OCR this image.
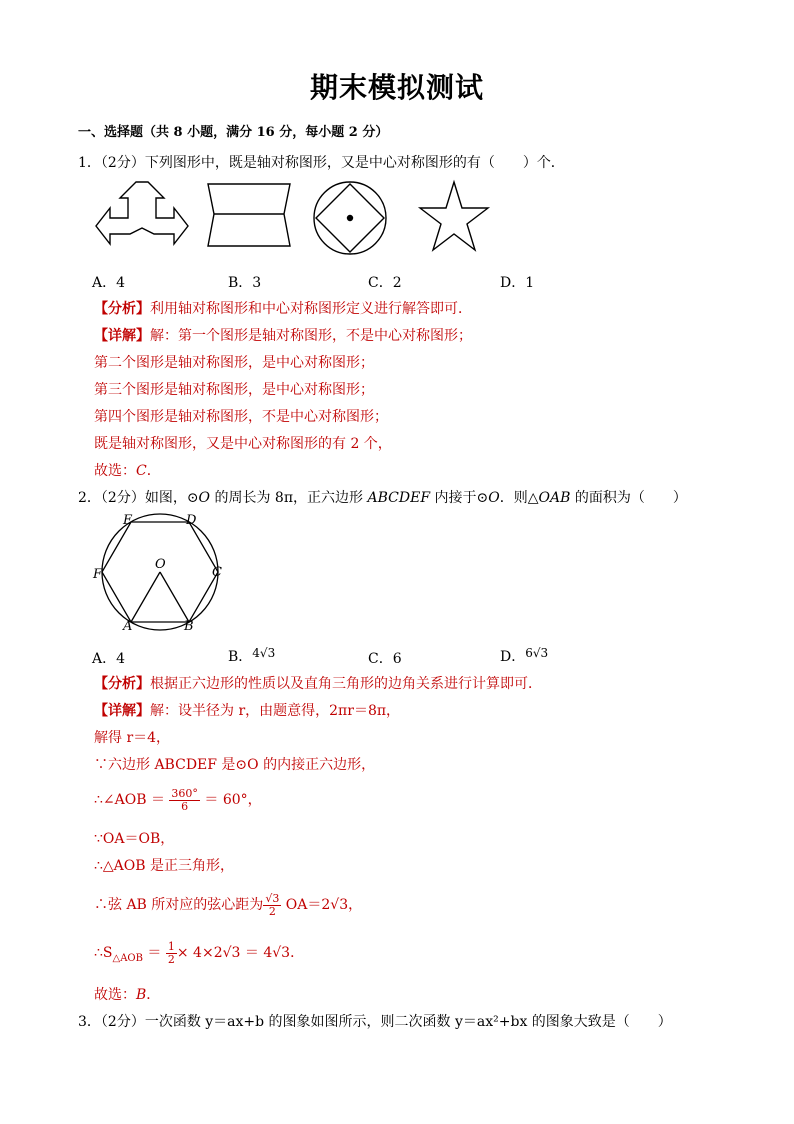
期末模拟测试
一、选择题（共 8 小题，满分 16 分，每小题 2 分）
1．（2分）下列图形中，既是轴对称图形，又是中心对称图形的有（　　）个．
A．4	B．3	C．2	D．1
【分析】利用轴对称图形和中心对称图形定义进行解答即可．
【详解】解：第一个图形是轴对称图形，不是中心对称图形；
第二个图形是轴对称图形，是中心对称图形；
第三个图形是轴对称图形，是中心对称图形；
第四个图形是轴对称图形，不是中心对称图形；
既是轴对称图形，又是中心对称图形的有 2 个，
故选：C．
2．（2分）如图，⊙O 的周长为 8π，正六边形 ABCDEF 内接于⊙O．则△OAB 的面积为（　　）
E	D
F	C
O
A	B
A．4	B．4√3	C．6	D．6√3
【分析】根据正六边形的性质以及直角三角形的边角关系进行计算即可．
【详解】解：设半径为 r，由题意得，2πr＝8π，
解得 r＝4，
∵六边形 ABCDEF 是⊙O 的内接正六边形，
∴∠AOB ＝ $\frac{360^\circ}{6} = 60^\circ$，
∵OA＝OB，
∴△AOB 是正三角形，
∴弦 AB 所对应的弦心距为 $\frac{√3}{2} OA=2√3$，
$\therefore S_{\triangle AOB} = \frac{1}{2} \times 4\times 2√3 = 4√3$．
故选：B．
3．（2分）一次函数 y＝ax+b 的图象如图所示，则二次函数 y＝ax²+bx 的图象大致是（　　）
